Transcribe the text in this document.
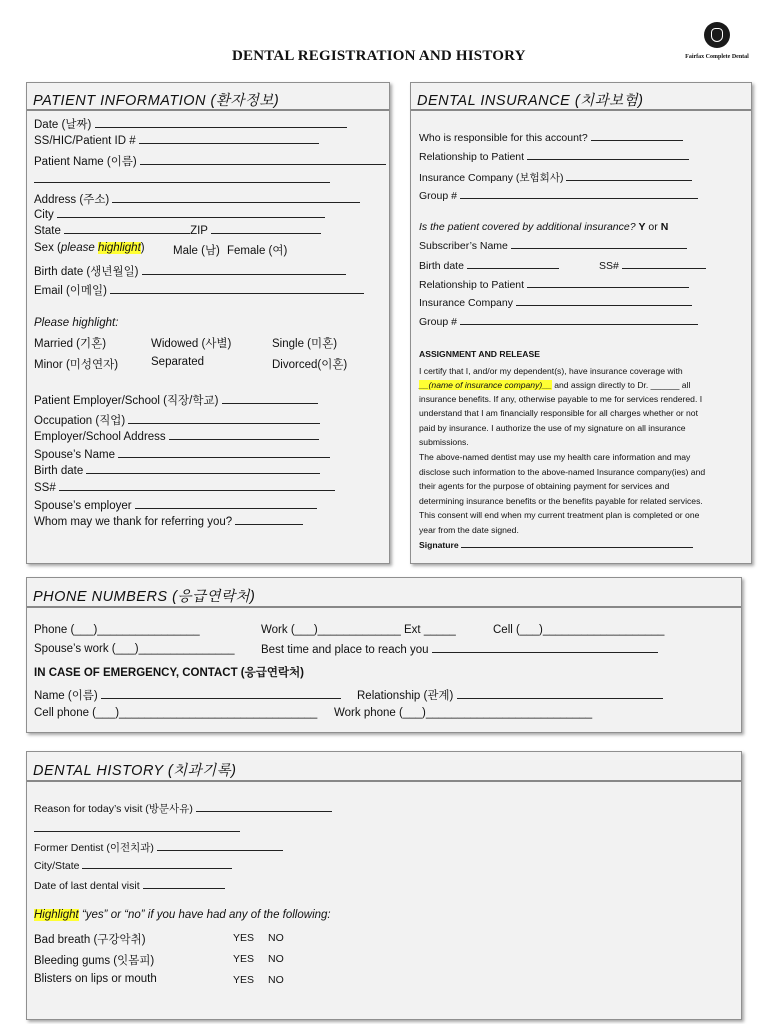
DENTAL REGISTRATION AND HISTORY	Fairfax Complete Dental
PATIENT INFORMATION (환자정보)
Date (날짜)
SS/HIC/Patient ID #
Patient Name (이름)
Address (주소)
City
State	ZIP
Sex (please highlight) Male (남) Female (여)
Birth date (생년월일)
Email (이메일)
Please highlight:
Married (기혼)	Widowed (사별)	Single (미혼)
Minor (미성연자)	Separated	Divorced(이혼)
Patient Employer/School (직장/학교)
Occupation (직업)
Employer/School Address
Spouse’s Name
Birth date
SS#
Spouse’s employer
Whom may we thank for referring you?
DENTAL INSURANCE (치과보험)
Who is responsible for this account?
Relationship to Patient
Insurance Company (보험회사)
Group #
Is the patient covered by additional insurance? Y or N
Subscriber’s Name
Birth date	SS#
Relationship to Patient
Insurance Company
Group #
ASSIGNMENT AND RELEASE
I certify that I, and/or my dependent(s), have insurance coverage with
__(name of insurance company)__ and assign directly to Dr. ______ all
insurance benefits. If any, otherwise payable to me for services rendered. I
understand that I am financially responsible for all charges whether or not
paid by insurance. I authorize the use of my signature on all insurance
submissions.
The above-named dentist may use my health care information and may
disclose such information to the above-named Insurance company(ies) and
their agents for the purpose of obtaining payment for services and
determining insurance benefits or the benefits payable for related services.
This consent will end when my current treatment plan is completed or one
year from the date signed.
Signature
PHONE NUMBERS (응급연락처)
Phone (___)________________	Work (___)_____________ Ext _____	Cell (___)___________________
Spouse’s work (___)_______________ Best time and place to reach you
IN CASE OF EMERGENCY, CONTACT (응급연락처)
Name (이름)	Relationship (관계)
Cell phone (___)_______________________________ Work phone (___)__________________________
DENTAL HISTORY (치과기록)
Reason for today’s visit (방문사유)
Former Dentist (이전치과)
City/State
Date of last dental visit
Highlight “yes” or “no” if you have had any of the following:
Bad breath (구강악취)	YES NO
Bleeding gums (잇몸피)	YES NO
Blisters on lips or mouth	YES NO
